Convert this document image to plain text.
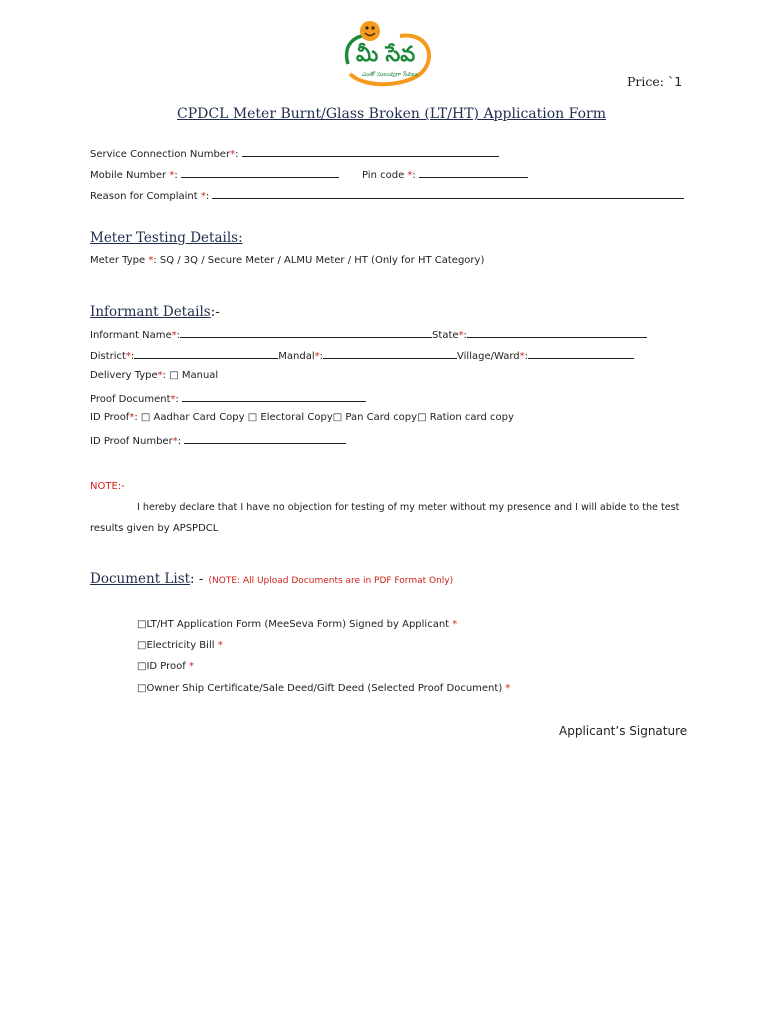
మీ సేవ
ఎంతో సులువుగా సేవలు	Price: `1
CPDCL Meter Burnt/Glass Broken (LT/HT) Application Form
Service Connection Number*:
Mobile Number *:	Pin code *:
Reason for Complaint *:
Meter Testing Details:
Meter Type *: SQ / 3Q / Secure Meter / ALMU Meter / HT (Only for HT Category)
Informant Details:-
Informant Name*:	State*:
District*:	Mandal*:	Village/Ward*:
Delivery Type*: □ Manual
Proof Document*:
ID Proof*: □ Aadhar Card Copy □ Electoral Copy□ Pan Card copy□ Ration card copy
ID Proof Number*:
NOTE:-
I hereby declare that I have no objection for testing of my meter without my presence and I will abide to the test
results given by APSPDCL
Document List: - (NOTE: All Upload Documents are in PDF Format Only)
□LT/HT Application Form (MeeSeva Form) Signed by Applicant *
□Electricity Bill *
□ID Proof *
□Owner Ship Certificate/Sale Deed/Gift Deed (Selected Proof Document) *
Applicant’s Signature
